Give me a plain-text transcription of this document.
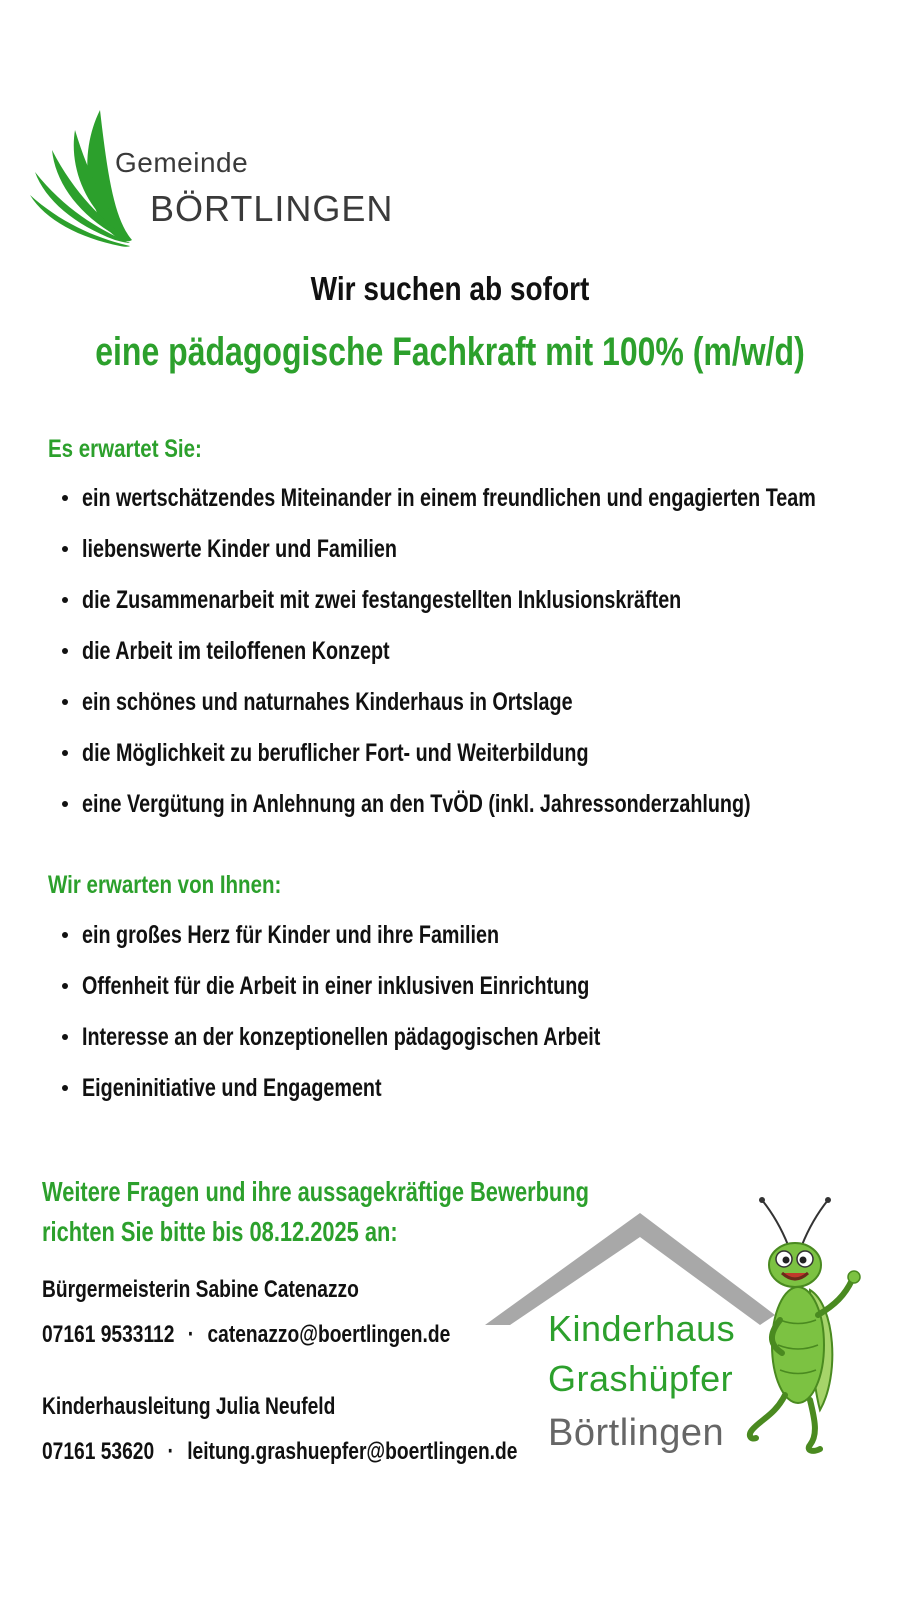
Gemeinde
BÖRTLINGEN
Wir suchen ab sofort
eine pädagogische Fachkraft mit 100% (m/w/d)
Es erwartet Sie:
ein wertschätzendes Miteinander in einem freundlichen und engagierten Team
liebenswerte Kinder und Familien
die Zusammenarbeit mit zwei festangestellten Inklusionskräften
die Arbeit im teiloffenen Konzept
ein schönes und naturnahes Kinderhaus in Ortslage
die Möglichkeit zu beruflicher Fort- und Weiterbildung
eine Vergütung in Anlehnung an den TvÖD (inkl. Jahressonderzahlung)
Wir erwarten von Ihnen:
ein großes Herz für Kinder und ihre Familien
Offenheit für die Arbeit in einer inklusiven Einrichtung
Interesse an der konzeptionellen pädagogischen Arbeit
Eigeninitiative und Engagement
Weitere Fragen und ihre aussagekräftige Bewerbung
richten Sie bitte bis 08.12.2025 an:
Bürgermeisterin Sabine Catenazzo
07161 9533112 · catenazzo@boertlingen.de
Kinderhausleitung Julia Neufeld
07161 53620 · leitung.grashuepfer@boertlingen.de
Kinderhaus
Grashüpfer
Börtlingen
